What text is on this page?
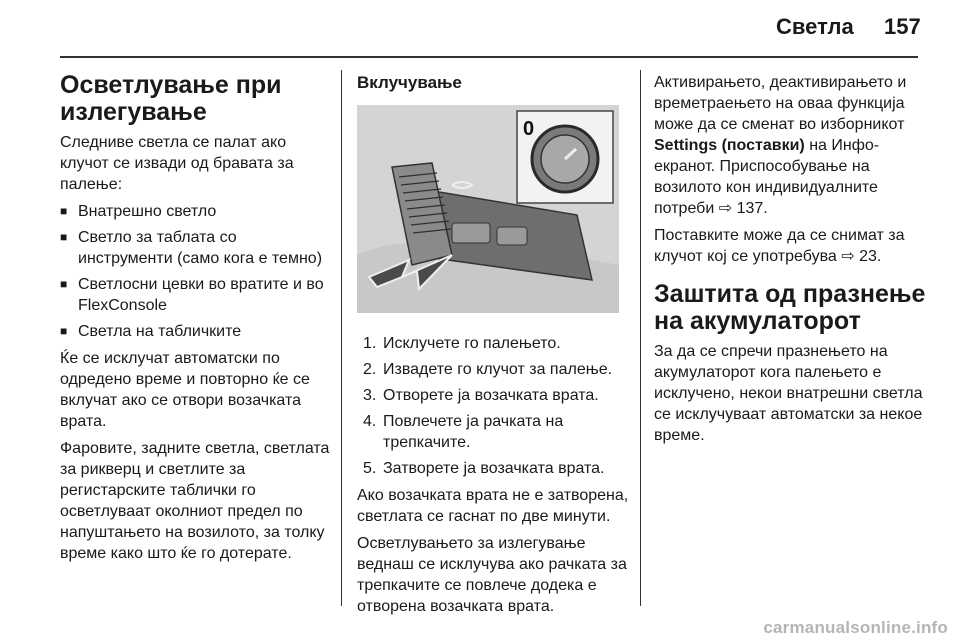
Светла 157
Осветлување при излегување

Следниве светла се палат ако клучот се извади од бравата за палење:

■ Внатрешно светло
■ Светло за таблата со инструменти (само кога е темно)
■ Светлосни цевки во вратите и во FlexConsole
■ Светла на табличките

Ќе се исклучат автоматски по одредено време и повторно ќе се вклучат ако се отвори возачката врата.

Фаровите, задните светла, светлата за рикверц и светлите за регистарските таблички го осветлуваат околниот предел по напуштањето на возилото, за толку време како што ќе го дотерате.

Вклучување
0
1. Исклучете го палењето.
2. Извадете го клучот за палење.
3. Отворете ја возачката врата.
4. Повлечете ја рачката на трепкачите.
5. Затворете ја возачката врата.

Ако возачката врата не е затворена, светлата се гаснат по две минути.

Осветлувањето за излегување веднаш се исклучува ако рачката за трепкачите се повлече додека е отворена возачката врата.

Активирањето, деактивирањето и времетраењето на оваа функција може да се сменат во изборникот Settings (поставки) на Инфо-екранот. Приспособување на возилото кон индивидуалните потреби ⇨ 137.

Поставките може да се снимат за клучот кој се употребува ⇨ 23.

Заштита од празнење на акумулаторот

За да се спречи празнењето на акумулаторот кога палењето е исклучено, некои внатрешни светла се исклучуваат автоматски за некое време.

carmanualsonline.info
